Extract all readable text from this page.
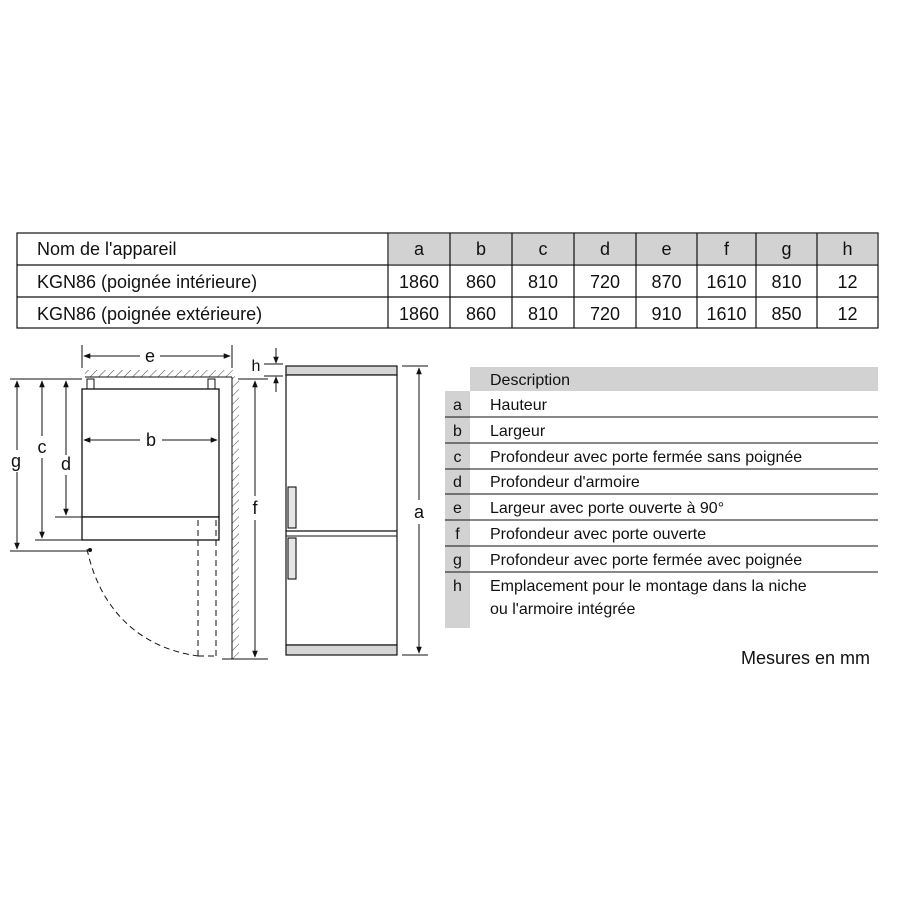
Nom de l'appareil	a	b	c	d	e	f	g	h
KGN86 (poignée intérieure)	1860 860 810 720 870 1610 810 12
KGN86 (poignée extérieure)	1860 860 810 720 910 1610 850 12
e
b
g
c
d
f
h
a
Description
a Hauteur
b Largeur
c Profondeur avec porte fermée sans poignée
d Profondeur d'armoire
e Largeur avec porte ouverte à 90°
f Profondeur avec porte ouverte
g Profondeur avec porte fermée avec poignée
h Emplacement pour le montage dans la niche
ou l'armoire intégrée
Mesures en mm
